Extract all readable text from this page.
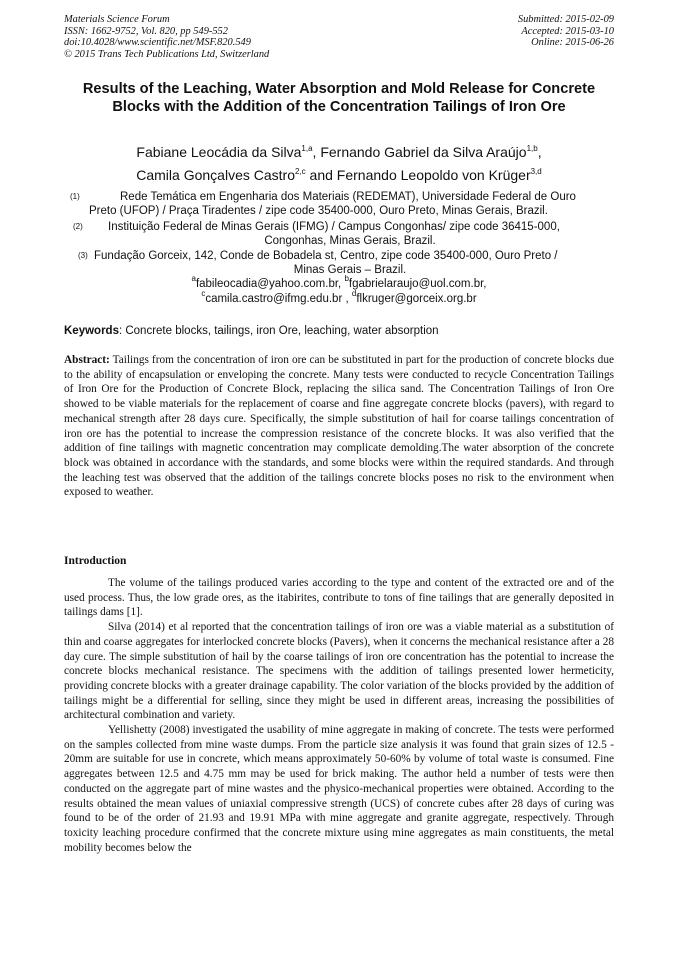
Materials Science Forum
ISSN: 1662-9752, Vol. 820, pp 549-552
doi:10.4028/www.scientific.net/MSF.820.549
© 2015 Trans Tech Publications Ltd, Switzerland
Submitted: 2015-02-09
Accepted: 2015-03-10
Online: 2015-06-26
Results of the Leaching, Water Absorption and Mold Release for Concrete Blocks with the Addition of the Concentration Tailings of Iron Ore
Fabiane Leocádia da Silva$^{1,a}$, Fernando Gabriel da Silva Araújo$^{1,b}$,
Camila Gonçalves Castro$^{2,c}$ and Fernando Leopoldo von Krüger$^{3,d}$
(1)	Rede Temática em Engenharia dos Materiais (REDEMAT), Universidade Federal de Ouro
Preto (UFOP) / Praça Tiradentes / zipe code 35400-000, Ouro Preto, Minas Gerais, Brazil.
(2)	Instituição Federal de Minas Gerais (IFMG) / Campus Congonhas/ zipe code 36415-000,
Congonhas, Minas Gerais, Brazil.
(3) Fundação Gorceix, 142, Conde de Bobadela st, Centro, zipe code 35400-000, Ouro Preto /
Minas Gerais – Brazil.
$^a$fabileocadia@yahoo.com.br, $^b$fgabrielaraujo@uol.com.br,
$^c$camila.castro@ifmg.edu.br , $^d$flkruger@gorceix.org.br
Keywords: Concrete blocks, tailings, iron Ore, leaching, water absorption
Abstract: Tailings from the concentration of iron ore can be substituted in part for the production of concrete blocks due to the ability of encapsulation or enveloping the concrete. Many tests were conducted to recycle Concentration Tailings of Iron Ore for the Production of Concrete Block, replacing the silica sand. The Concentration Tailings of Iron Ore showed to be viable materials for the replacement of coarse and fine aggregate concrete blocks (pavers), with regard to mechanical strength after 28 days cure. Specifically, the simple substitution of hail for coarse tailings concentration of iron ore has the potential to increase the compression resistance of the concrete blocks. It was also verified that the addition of fine tailings with magnetic concentration may complicate demolding.The water absorption of the concrete block was obtained in accordance with the standards, and some blocks were within the required standards. And through the leaching test was observed that the addition of the tailings concrete blocks poses no risk to the environment when exposed to weather.
Introduction

The volume of the tailings produced varies according to the type and content of the extracted ore and of the used process. Thus, the low grade ores, as the itabirites, contribute to tons of fine tailings that are generally deposited in tailings dams [1].

Silva (2014) et al reported that the concentration tailings of iron ore was a viable material as a substitution of thin and coarse aggregates for interlocked concrete blocks (Pavers), when it concerns the mechanical resistance after a 28 day cure. The simple substitution of hail by the coarse tailings of iron ore concentration has the potential to increase the concrete blocks mechanical resistance. The specimens with the addition of tailings presented lower hermeticity, providing concrete blocks with a greater drainage capability. The color variation of the blocks provided by the addition of tailings might be a differential for selling, since they might be used in different areas, increasing the possibilities of architectural combination and variety.

Yellishetty (2008) investigated the usability of mine aggregate in making of concrete. The tests were performed on the samples collected from mine waste dumps. From the particle size analysis it was found that grain sizes of 12.5 - 20mm are suitable for use in concrete, which means approximately 50-60% by volume of total waste is consumed. Fine aggregates between 12.5 and 4.75 mm may be used for brick making. The author held a number of tests were then conducted on the aggregate part of mine wastes and the physico-mechanical properties were obtained. According to the results obtained the mean values of uniaxial compressive strength (UCS) of concrete cubes after 28 days of curing was found to be of the order of 21.93 and 19.91 MPa with mine aggregate and granite aggregate, respectively. Through toxicity leaching procedure confirmed that the concrete mixture using mine aggregates as main constituents, the metal mobility becomes below the
